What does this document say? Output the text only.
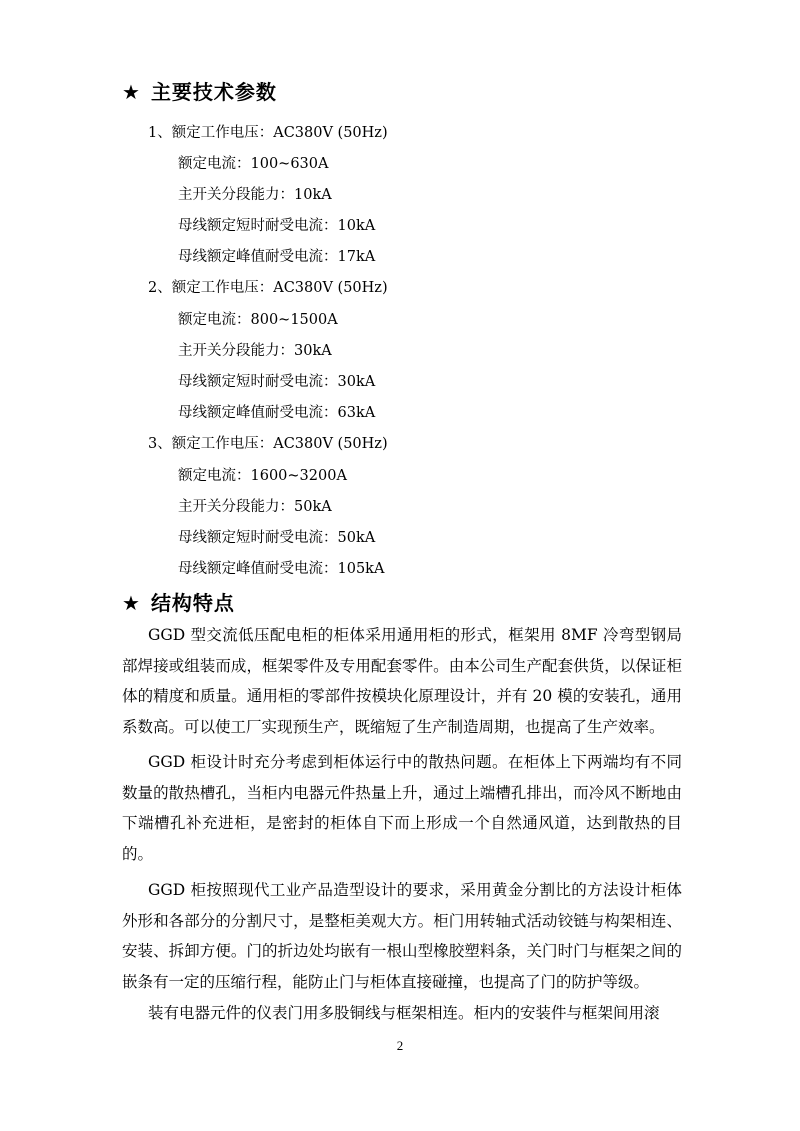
★ 主要技术参数
1、额定工作电压：AC380V (50Hz)
额定电流：100~630A
主开关分段能力：10kA
母线额定短时耐受电流：10kA
母线额定峰值耐受电流：17kA
2、额定工作电压：AC380V (50Hz)
额定电流：800~1500A
主开关分段能力：30kA
母线额定短时耐受电流：30kA
母线额定峰值耐受电流：63kA
3、额定工作电压：AC380V (50Hz)
额定电流：1600~3200A
主开关分段能力：50kA
母线额定短时耐受电流：50kA
母线额定峰值耐受电流：105kA
★ 结构特点
GGD 型交流低压配电柜的柜体采用通用柜的形式，框架用 8MF 冷弯型钢局部焊接或组装而成，框架零件及专用配套零件。由本公司生产配套供货，以保证柜体的精度和质量。通用柜的零部件按模块化原理设计，并有 20 模的安装孔，通用系数高。可以使工厂实现预生产，既缩短了生产制造周期，也提高了生产效率。
GGD 柜设计时充分考虑到柜体运行中的散热问题。在柜体上下两端均有不同数量的散热槽孔，当柜内电器元件热量上升，通过上端槽孔排出，而冷风不断地由下端槽孔补充进柜，是密封的柜体自下而上形成一个自然通风道，达到散热的目的。
GGD 柜按照现代工业产品造型设计的要求，采用黄金分割比的方法设计柜体外形和各部分的分割尺寸，是整柜美观大方。柜门用转轴式活动铰链与构架相连、安装、拆卸方便。门的折边处均嵌有一根山型橡胶塑料条，关门时门与框架之间的嵌条有一定的压缩行程，能防止门与柜体直接碰撞，也提高了门的防护等级。
装有电器元件的仪表门用多股铜线与框架相连。柜内的安装件与框架间用滚
2
